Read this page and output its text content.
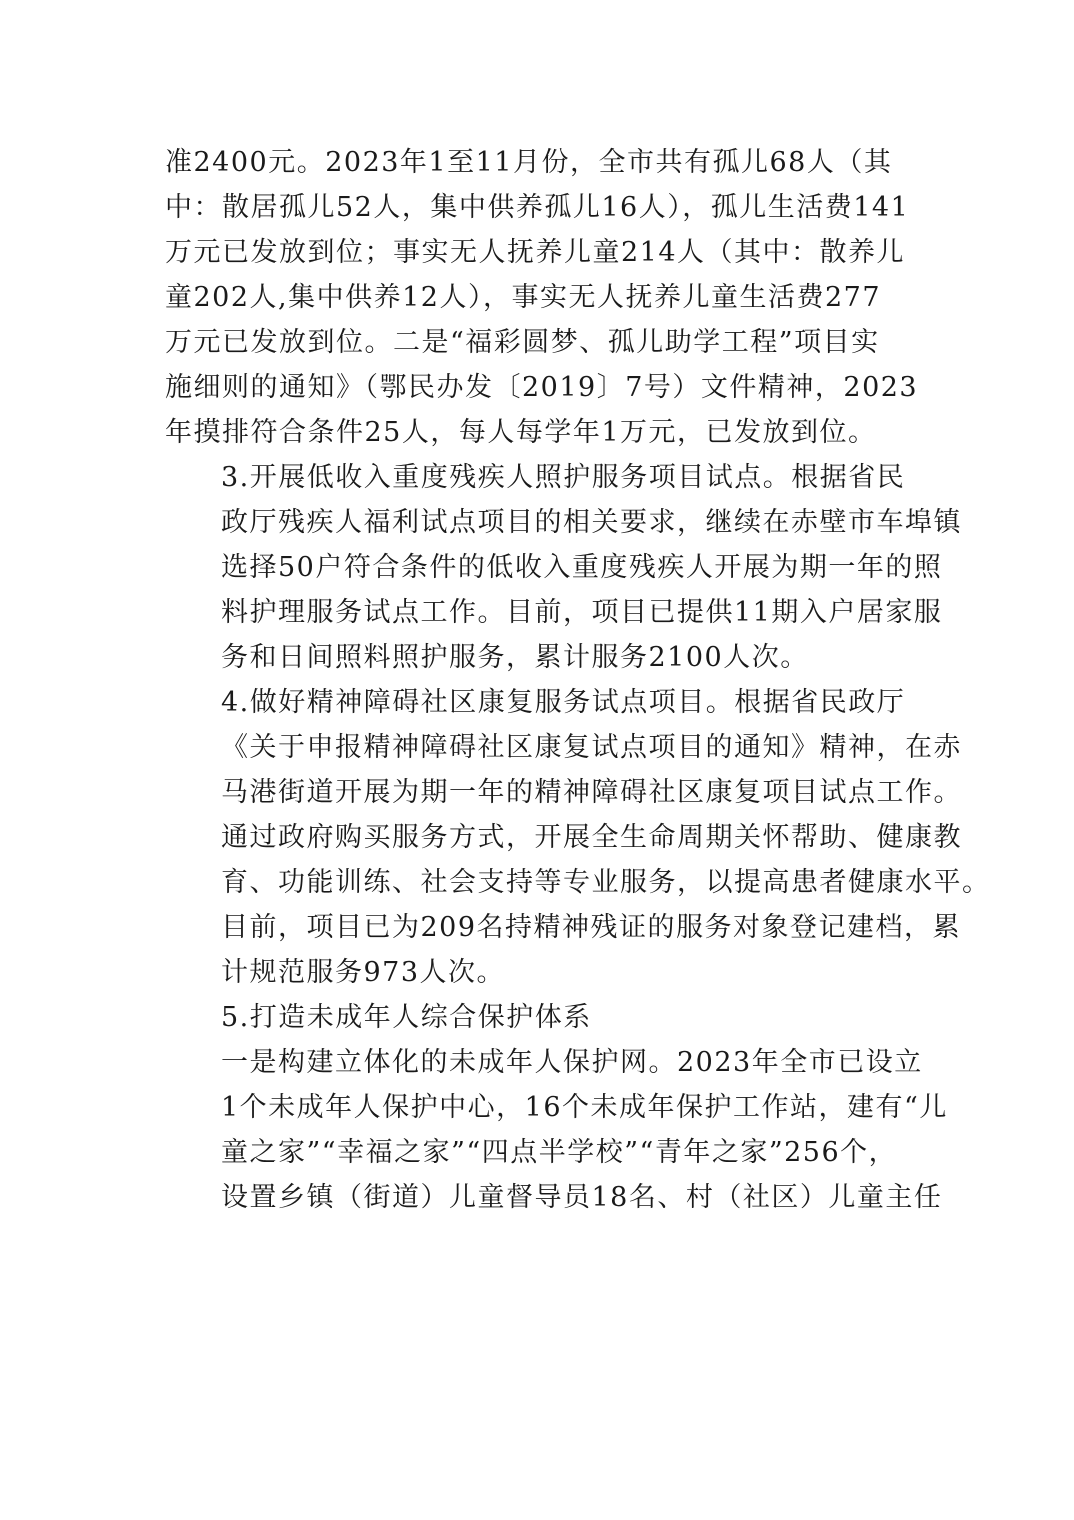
准2400元。2023年1至11月份，全市共有孤儿68人（其
中：散居孤儿52人，集中供养孤儿16人），孤儿生活费141
万元已发放到位；事实无人抚养儿童214人（其中：散养儿
童202人,集中供养12人），事实无人抚养儿童生活费277
万元已发放到位。二是“福彩圆梦、孤儿助学工程”项目实
施细则的通知》（鄂民办发〔2019〕7号）文件精神，2023
年摸排符合条件25人，每人每学年1万元，已发放到位。

3.开展低收入重度残疾人照护服务项目试点。根据省民
政厅残疾人福利试点项目的相关要求，继续在赤壁市车埠镇
选择50户符合条件的低收入重度残疾人开展为期一年的照
料护理服务试点工作。目前，项目已提供11期入户居家服
务和日间照料照护服务，累计服务2100人次。

4.做好精神障碍社区康复服务试点项目。根据省民政厅
《关于申报精神障碍社区康复试点项目的通知》精神，在赤
马港街道开展为期一年的精神障碍社区康复项目试点工作。
通过政府购买服务方式，开展全生命周期关怀帮助、健康教
育、功能训练、社会支持等专业服务，以提高患者健康水平。
目前，项目已为209名持精神残证的服务对象登记建档，累
计规范服务973人次。

5.打造未成年人综合保护体系

一是构建立体化的未成年人保护网。2023年全市已设立
1个未成年人保护中心，16个未成年保护工作站，建有“儿
童之家”“幸福之家”“四点半学校”“青年之家”256个，
设置乡镇（街道）儿童督导员18名、村（社区）儿童主任
